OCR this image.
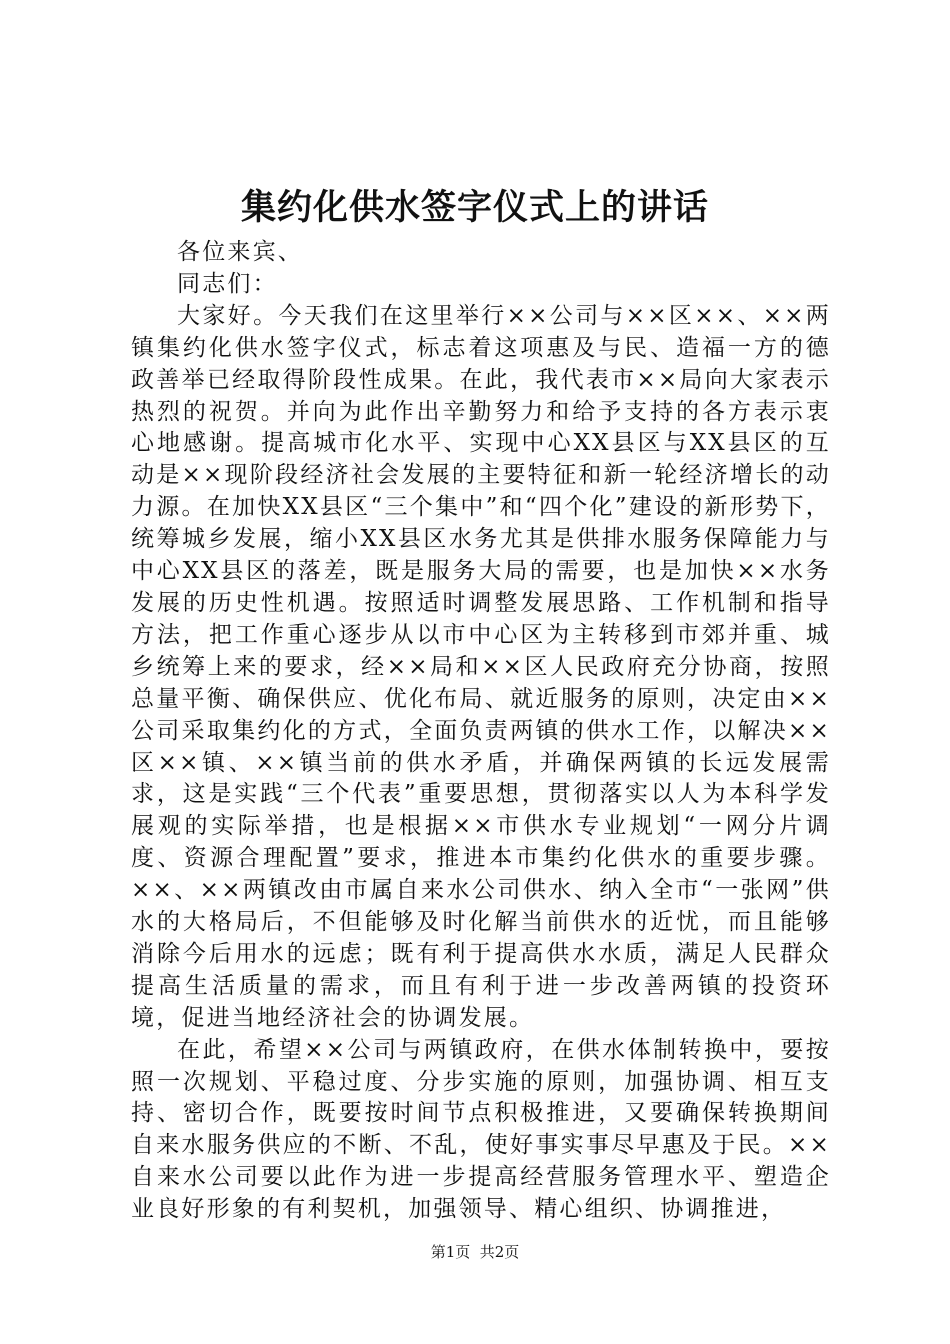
集约化供水签字仪式上的讲话

各位来宾、

同志们：

大家好。今天我们在这里举行××公司与××区××、××两镇集约化供水签字仪式，标志着这项惠及与民、造福一方的德政善举已经取得阶段性成果。在此，我代表市××局向大家表示热烈的祝贺。并向为此作出辛勤努力和给予支持的各方表示衷心地感谢。提高城市化水平、实现中心XX县区与XX县区的互动是××现阶段经济社会发展的主要特征和新一轮经济增长的动力源。在加快XX县区“三个集中”和“四个化”建设的新形势下，统筹城乡发展，缩小XX县区水务尤其是供排水服务保障能力与中心XX县区的落差，既是服务大局的需要，也是加快××水务发展的历史性机遇。按照适时调整发展思路、工作机制和指导方法，把工作重心逐步从以市中心区为主转移到市郊并重、城乡统筹上来的要求，经××局和××区人民政府充分协商，按照总量平衡、确保供应、优化布局、就近服务的原则，决定由××公司采取集约化的方式，全面负责两镇的供水工作，以解决××区××镇、××镇当前的供水矛盾，并确保两镇的长远发展需求，这是实践“三个代表”重要思想，贯彻落实以人为本科学发展观的实际举措，也是根据××市供水专业规划“一网分片调度、资源合理配置”要求，推进本市集约化供水的重要步骤。××、××两镇改由市属自来水公司供水、纳入全市“一张网”供水的大格局后，不但能够及时化解当前供水的近忧，而且能够消除今后用水的远虑；既有利于提高供水水质，满足人民群众提高生活质量的需求，而且有利于进一步改善两镇的投资环境，促进当地经济社会的协调发展。

在此，希望××公司与两镇政府，在供水体制转换中，要按照一次规划、平稳过度、分步实施的原则，加强协调、相互支持、密切合作，既要按时间节点积极推进，又要确保转换期间自来水服务供应的不断、不乱，使好事实事尽早惠及于民。××自来水公司要以此作为进一步提高经营服务管理水平、塑造企业良好形象的有利契机，加强领导、精心组织、协调推进，

第1页  共2页
